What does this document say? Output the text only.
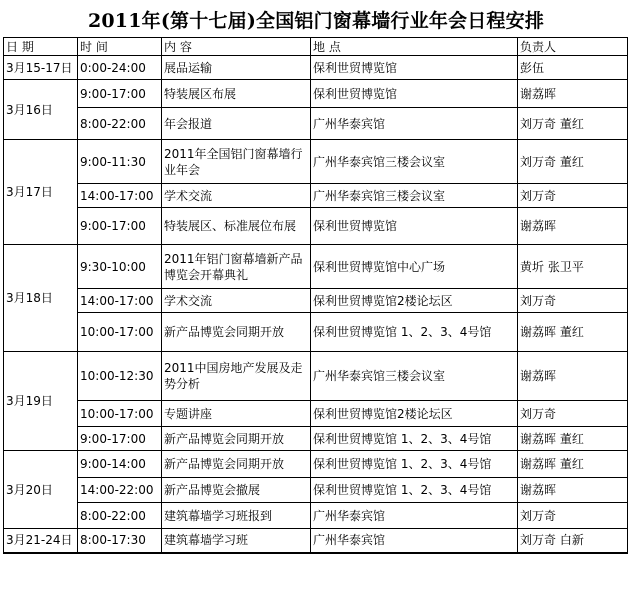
2011年(第十七届)全国铝门窗幕墙行业年会日程安排
日 期	时 间	内 容	地 点	负责人
3月15-17日	0:00-24:00	展品运输	保利世贸博览馆	彭伍
3月16日	9:00-17:00	特装展区布展	保利世贸博览馆	谢荔晖
	8:00-22:00	年会报道	广州华泰宾馆	刘万奇 董红
3月17日	9:00-11:30	2011年全国铝门窗幕墙行业年会	广州华泰宾馆三楼会议室	刘万奇 董红
	14:00-17:00	学术交流	广州华泰宾馆三楼会议室	刘万奇
	9:00-17:00	特装展区、标准展位布展	保利世贸博览馆	谢荔晖
3月18日	9:30-10:00	2011年铝门窗幕墙新产品博览会开幕典礼	保利世贸博览馆中心广场	黄圻 张卫平
	14:00-17:00	学术交流	保利世贸博览馆2楼论坛区	刘万奇
	10:00-17:00	新产品博览会同期开放	保利世贸博览馆 1、2、3、4号馆	谢荔晖 董红
3月19日	10:00-12:30	2011中国房地产发展及走势分析	广州华泰宾馆三楼会议室	谢荔晖
	10:00-17:00	专题讲座	保利世贸博览馆2楼论坛区	刘万奇
	9:00-17:00	新产品博览会同期开放	保利世贸博览馆 1、2、3、4号馆	谢荔晖 董红
3月20日	9:00-14:00	新产品博览会同期开放	保利世贸博览馆 1、2、3、4号馆	谢荔晖 董红
	14:00-22:00	新产品博览会撤展	保利世贸博览馆 1、2、3、4号馆	谢荔晖
	8:00-22:00	建筑幕墙学习班报到	广州华泰宾馆	刘万奇
3月21-24日	8:00-17:30	建筑幕墙学习班	广州华泰宾馆	刘万奇 白新
